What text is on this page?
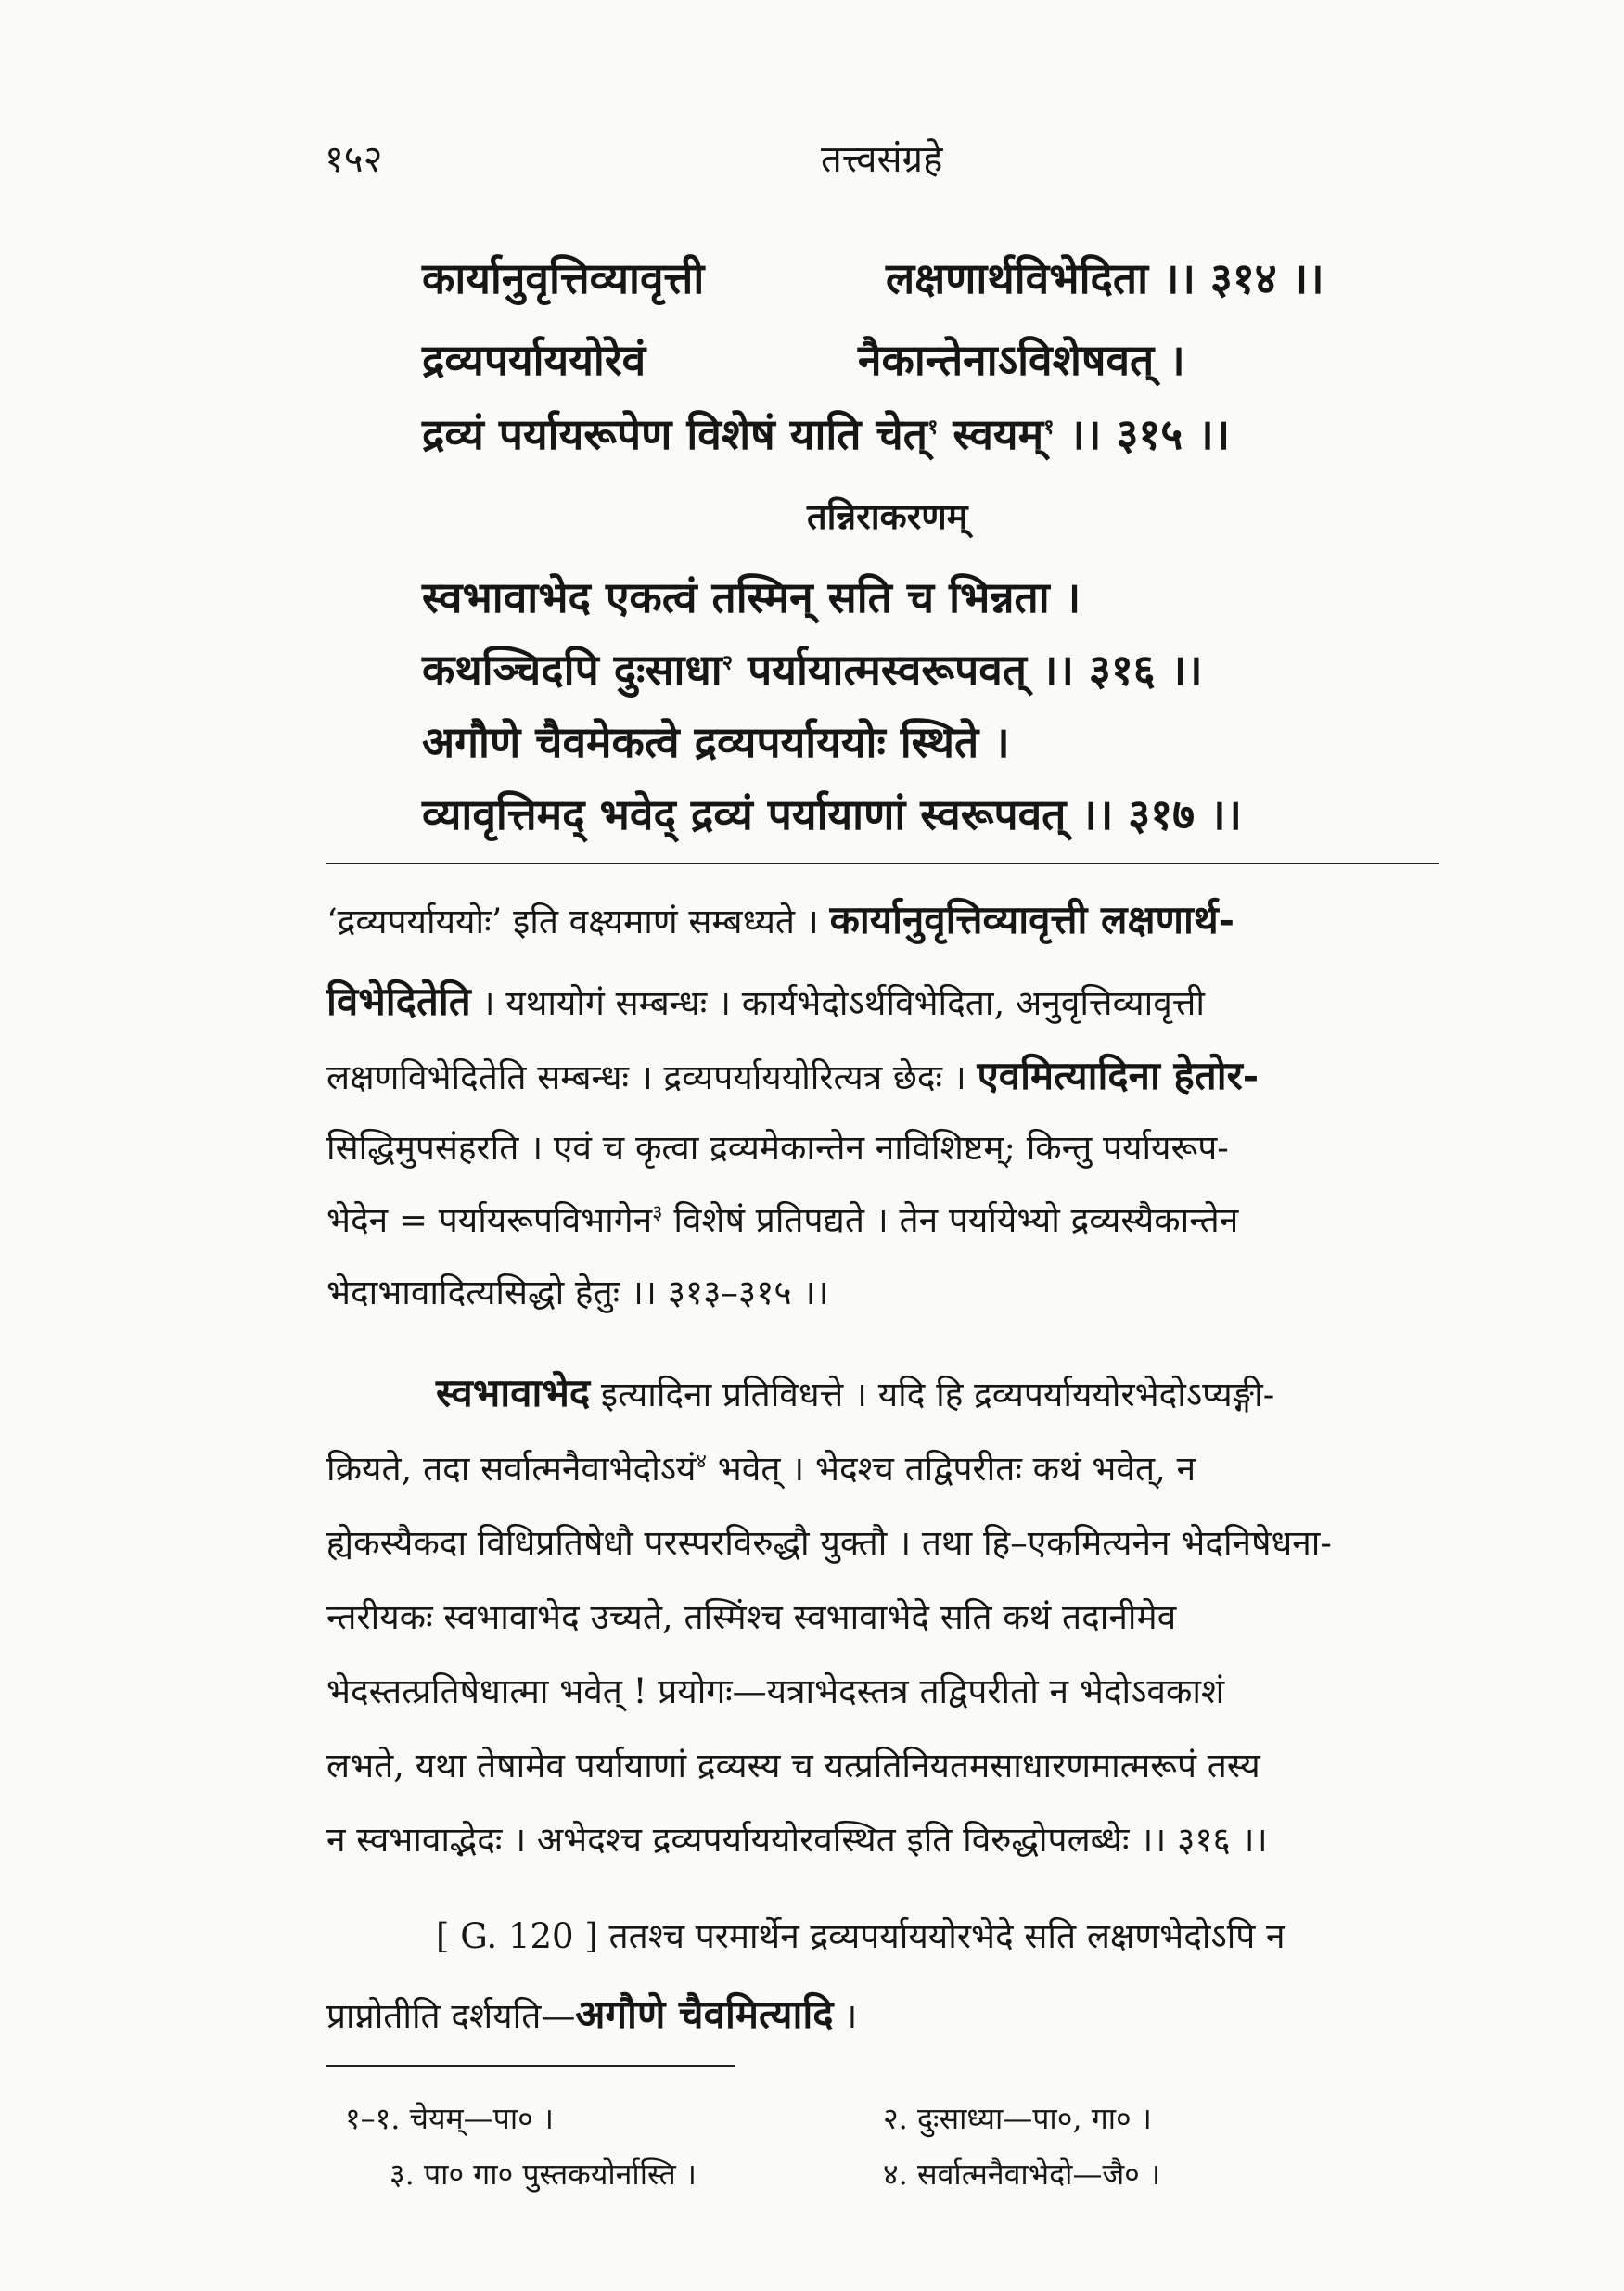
१५२	तत्त्वसंग्रहे
कार्यानुवृत्तिव्यावृत्ती	लक्षणार्थविभेदिता ।। ३१४ ।।
द्रव्यपर्याययोरेवं	नैकान्तेनाऽविशेषवत् ।
द्रव्यं पर्यायरूपेण विशेषं याति चेत्$^१$ स्वयम्$^१$ ।। ३१५ ।।
तन्निराकरणम्
स्वभावाभेद एकत्वं तस्मिन् सति च भिन्नता ।
कथञ्चिदपि दुःसाधा$^२$ पर्यायात्मस्वरूपवत् ।। ३१६ ।।
अगौणे चैवमेकत्वे द्रव्यपर्याययोः स्थिते ।
व्यावृत्तिमद् भवेद् द्रव्यं पर्यायाणां स्वरूपवत् ।। ३१७ ।।
‘द्रव्यपर्याययोः’ इति वक्ष्यमाणं सम्बध्यते । कार्यानुवृत्तिव्यावृत्ती लक्षणार्थ-
विभेदितेति । यथायोगं सम्बन्धः । कार्यभेदोऽर्थविभेदिता, अनुवृत्तिव्यावृत्ती
लक्षणविभेदितेति सम्बन्धः । द्रव्यपर्याययोरित्यत्र छेदः । एवमित्यादिना हेतोर-
सिद्धिमुपसंहरति । एवं च कृत्वा द्रव्यमेकान्तेन नाविशिष्टम्; किन्तु पर्यायरूप-
भेदेन = पर्यायरूपविभागेन$^३$ विशेषं प्रतिपद्यते । तेन पर्यायेभ्यो द्रव्यस्यैकान्तेन
भेदाभावादित्यसिद्धो हेतुः ।। ३१३–३१५ ।।
स्वभावाभेद इत्यादिना प्रतिविधत्ते । यदि हि द्रव्यपर्याययोरभेदोऽप्यङ्गी-
क्रियते, तदा सर्वात्मनैवाभेदोऽयं$^४$ भवेत् । भेदश्च तद्विपरीतः कथं भवेत्, न
ह्येकस्यैकदा विधिप्रतिषेधौ परस्परविरुद्धौ युक्तौ । तथा हि–एकमित्यनेन भेदनिषेधना-
न्तरीयकः स्वभावाभेद उच्यते, तस्मिंश्च स्वभावाभेदे सति कथं तदानीमेव
भेदस्तत्प्रतिषेधात्मा भवेत् ! प्रयोगः—यत्राभेदस्तत्र तद्विपरीतो न भेदोऽवकाशं
लभते, यथा तेषामेव पर्यायाणां द्रव्यस्य च यत्प्रतिनियतमसाधारणमात्मरूपं तस्य
न स्वभावाद्भेदः । अभेदश्च द्रव्यपर्याययोरवस्थित इति विरुद्धोपलब्धेः ।। ३१६ ।।
[ G. 120 ] ततश्च परमार्थेन द्रव्यपर्याययोरभेदे सति लक्षणभेदोऽपि न
प्राप्नोतीति दर्शयति—अगौणे चैवमित्यादि ।
१–१. चेयम्—पा० ।	२. दुःसाध्या—पा०, गा० ।
३. पा० गा० पुस्तकयोर्नास्ति ।	४. सर्वात्मनैवाभेदो—जै० ।
